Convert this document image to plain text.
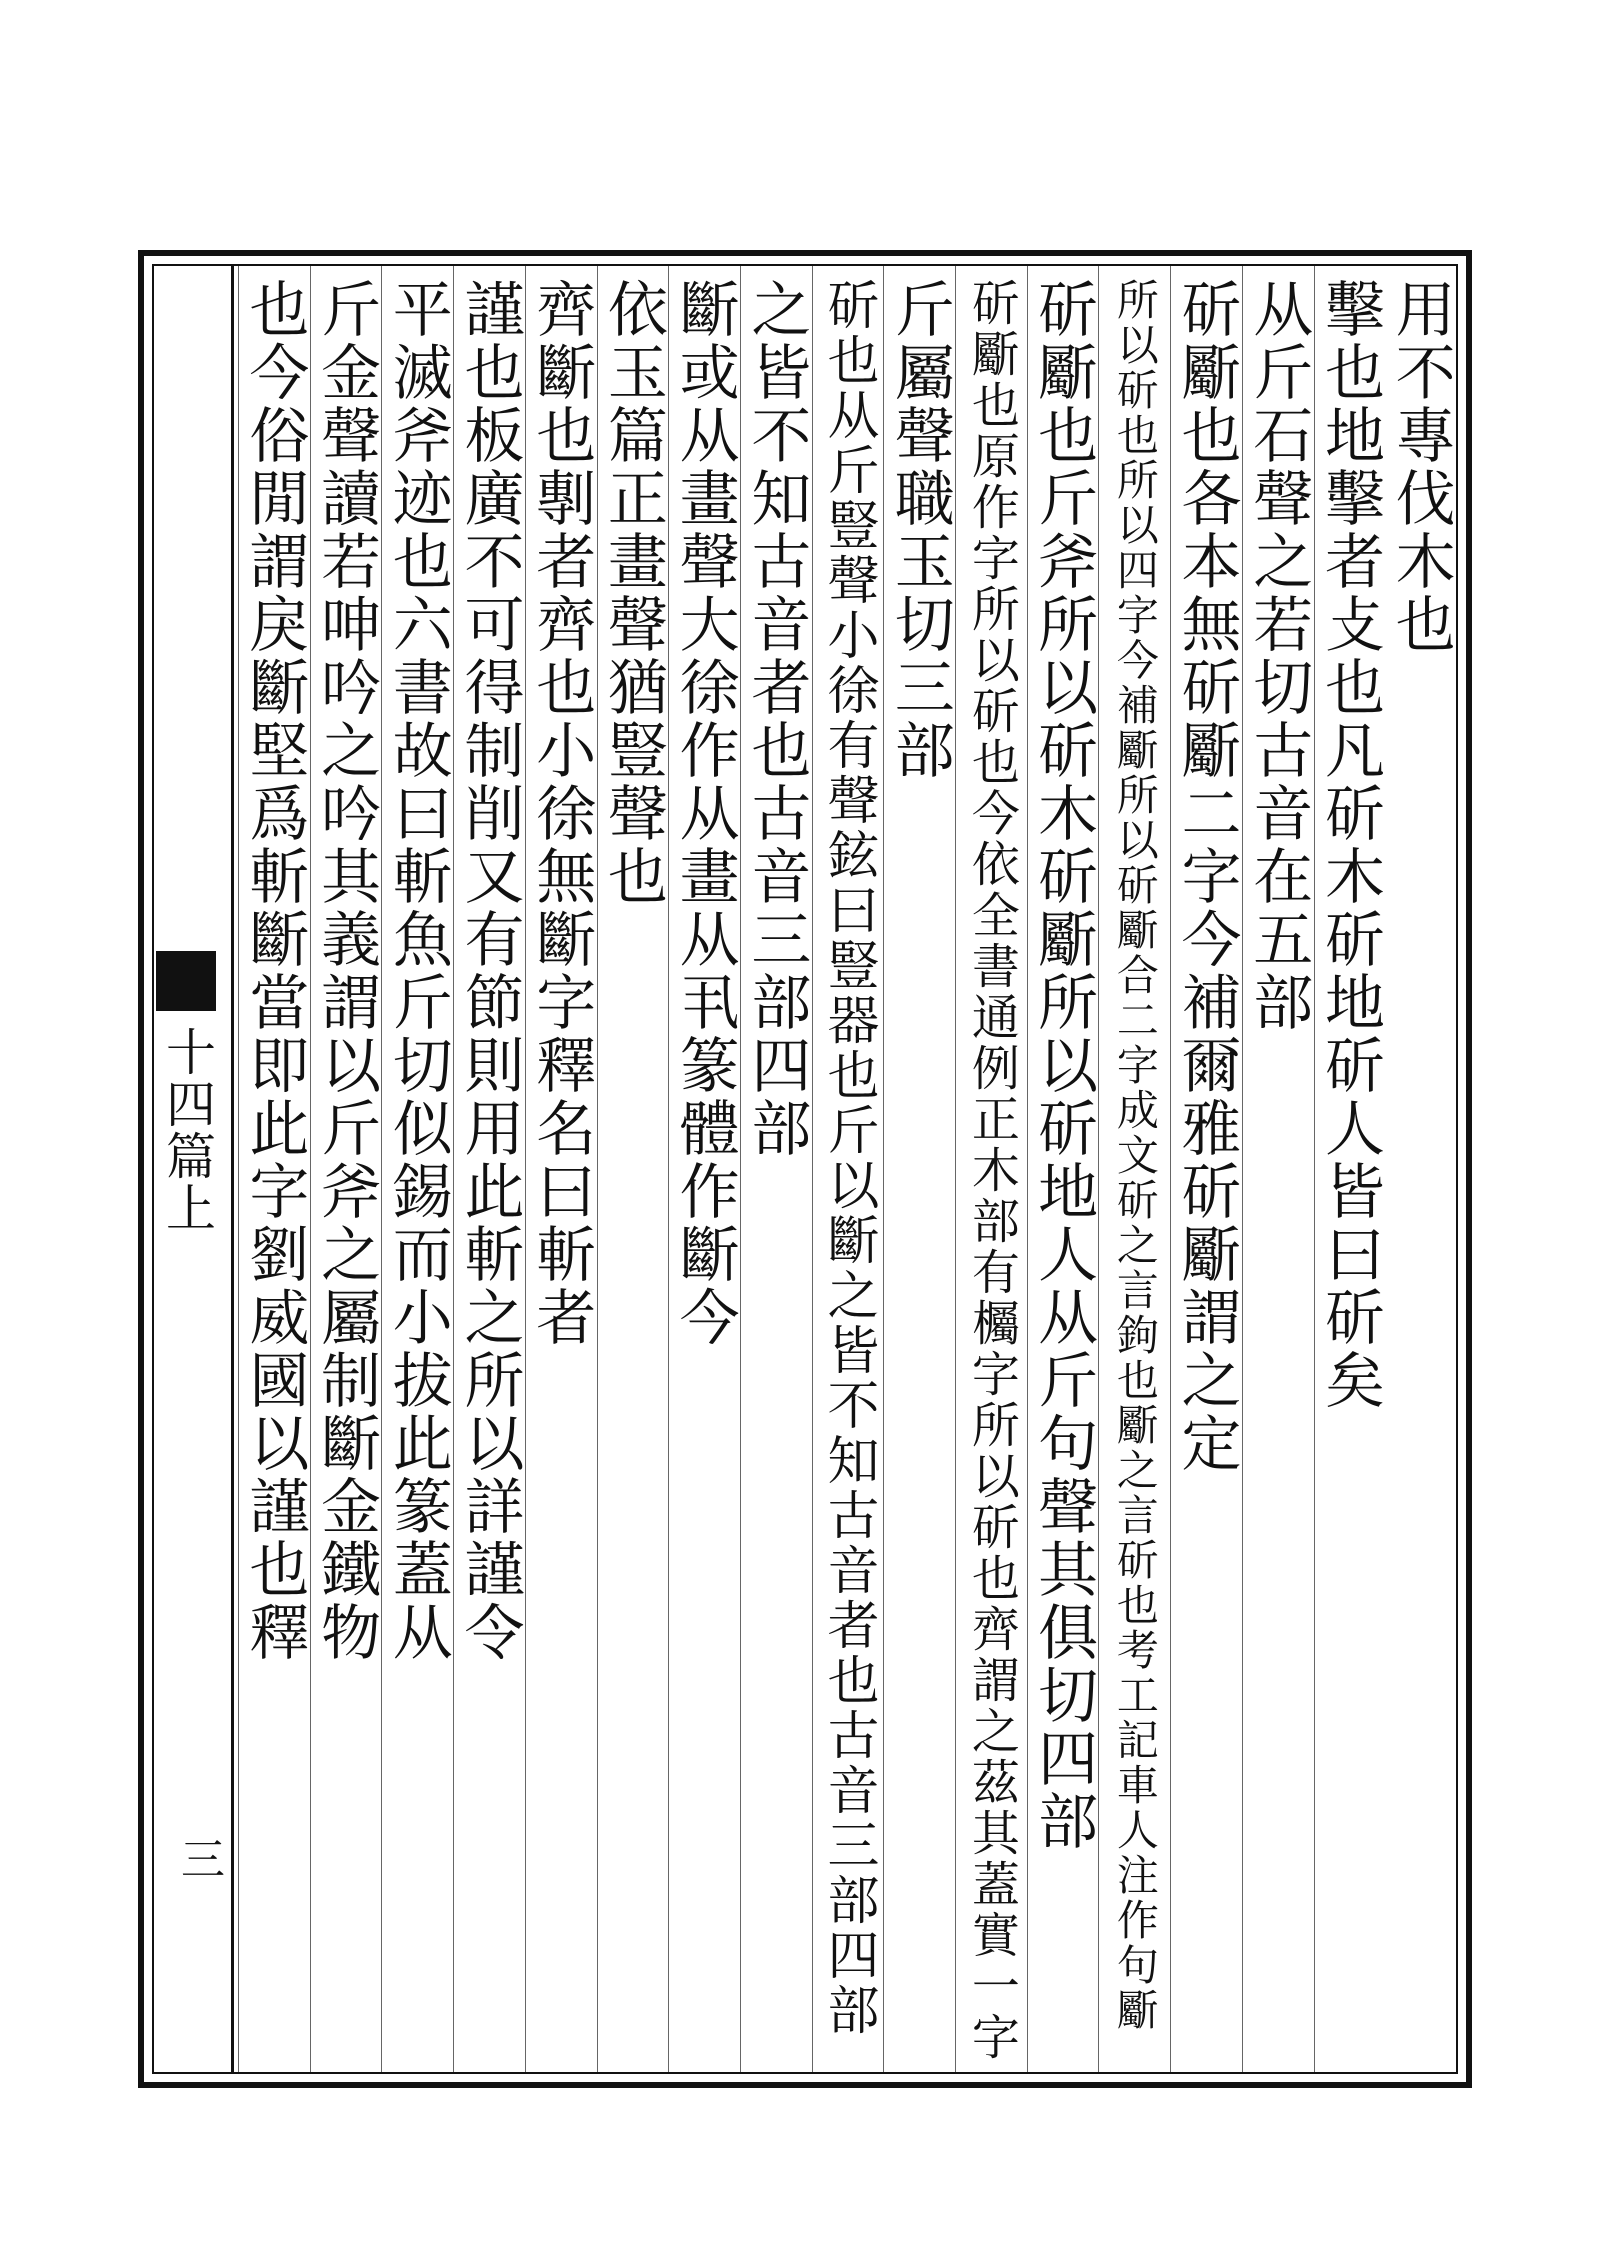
十四篇上
三
用不專伐木也
擊也地擊者攴也凡斫木斫地斫人皆曰斫矣
从斤石聲之若切古音在五部
斫斸也各本無斫斸二字今補爾雅斫斸謂之定
所以斫也所以四字今補斸所以斫斸合二字成文斫之言鉤也斸之言斫也考工記車人注作句斸
斫斸也斤斧所以斫木斫斸所以斫地人从斤句聲其俱切四部
斫斸也原作字所以斫也今依全書通例正木部有欘字所以斫也齊謂之茲其蓋實一字
斤屬聲職玉切三部
斫也从斤豎聲小徐有聲鉉曰豎器也斤以斷之皆不知古音者也古音三部四部
之皆不知古音者也古音三部四部
斷或从畫聲大徐作从畫从丮篆體作斷今
依玉篇正畫聲猶豎聲也
齊斷也剸者齊也小徐無斷字釋名曰斬者
謹也板廣不可得制削又有節則用此斬之所以詳謹令
平滅斧迹也六書故曰斬魚斤切似錫而小拔此篆蓋从
斤金聲讀若呻吟之吟其義謂以斤斧之屬制斷金鐵物
也今俗閒謂戾斷堅爲斬斷當即此字劉威國以謹也釋
